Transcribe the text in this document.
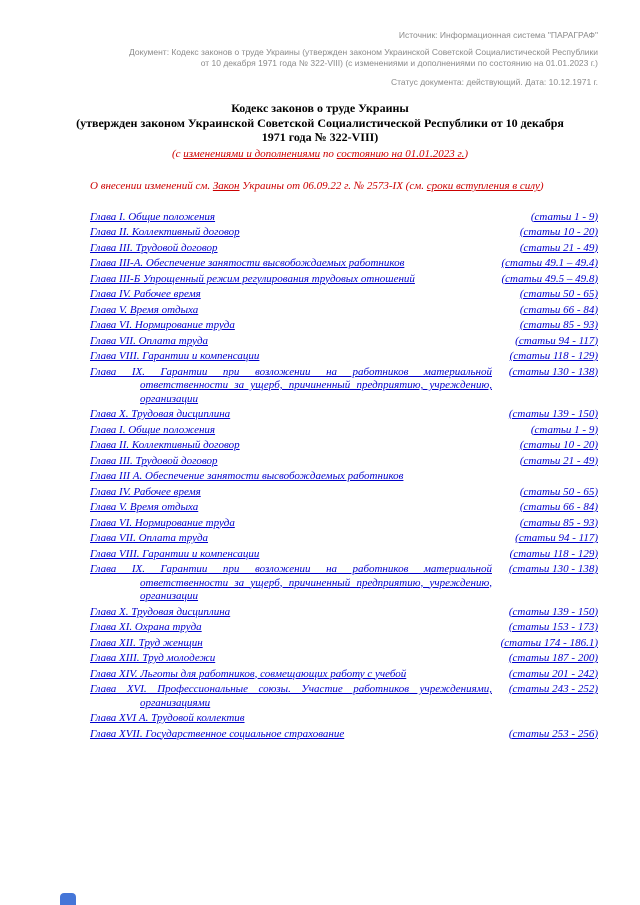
Источник: Информационная система "ПАРАГРАФ"
Документ: Кодекс законов о труде Украины (утвержден законом Украинской Советской Социалистической Республики от 10 декабря 1971 года № 322-VIII) (с изменениями и дополнениями по состоянию на 01.01.2023 г.)
Статус документа: действующий. Дата: 10.12.1971 г.
Кодекс законов о труде Украины
(утвержден законом Украинской Советской Социалистической Республики от 10 декабря 1971 года № 322-VIII)
(с изменениями и дополнениями по состоянию на 01.01.2023 г.)
О внесении изменений см. Закон Украины от 06.09.22 г. № 2573-IX (см. сроки вступления в силу)
Глава I. Общие положения	(статьи 1 - 9)
Глава II. Коллективный договор	(статьи 10 - 20)
Глава III. Трудовой договор	(статьи 21 - 49)
Глава III-А. Обеспечение занятости высвобождаемых работников	(статьи 49.1 – 49.4)
Глава III-Б Упрощенный режим регулирования трудовых отношений	(статьи 49.5 – 49.8)
Глава IV. Рабочее время	(статьи 50 - 65)
Глава V. Время отдыха	(статьи 66 - 84)
Глава VI. Нормирование труда	(статьи 85 - 93)
Глава VII. Оплата труда	(статьи 94 - 117)
Глава VIII. Гарантии и компенсации	(статьи 118 - 129)
Глава IX. Гарантии при возложении на работников материальной ответственности за ущерб, причиненный предприятию, учреждению, организации
(статьи 130 - 138)
Глава X. Трудовая дисциплина	(статьи 139 - 150)
Глава I. Общие положения	(статьи 1 - 9)
Глава II. Коллективный договор	(статьи 10 - 20)
Глава III. Трудовой договор	(статьи 21 - 49)
Глава III А. Обеспечение занятости высвобождаемых работников
Глава IV. Рабочее время	(статьи 50 - 65)
Глава V. Время отдыха	(статьи 66 - 84)
Глава VI. Нормирование труда	(статьи 85 - 93)
Глава VII. Оплата труда	(статьи 94 - 117)
Глава VIII. Гарантии и компенсации	(статьи 118 - 129)
Глава IX. Гарантии при возложении на работников материальной ответственности за ущерб, причиненный предприятию, учреждению, организации
(статьи 130 - 138)
Глава X. Трудовая дисциплина	(статьи 139 - 150)
Глава XI. Охрана труда	(статьи 153 - 173)
Глава XII. Труд женщин	(статьи 174 - 186.1)
Глава XIII. Труд молодежи	(статьи 187 - 200)
Глава XIV. Льготы для работников, совмещающих работу с учебой	(статьи 201 - 242)
Глава XVI. Профессиональные союзы. Участие работников учреждениями, организациями
(статьи 243 - 252)
Глава XVI А. Трудовой коллектив
Глава XVII. Государственное социальное страхование	(статьи 253 - 256)
